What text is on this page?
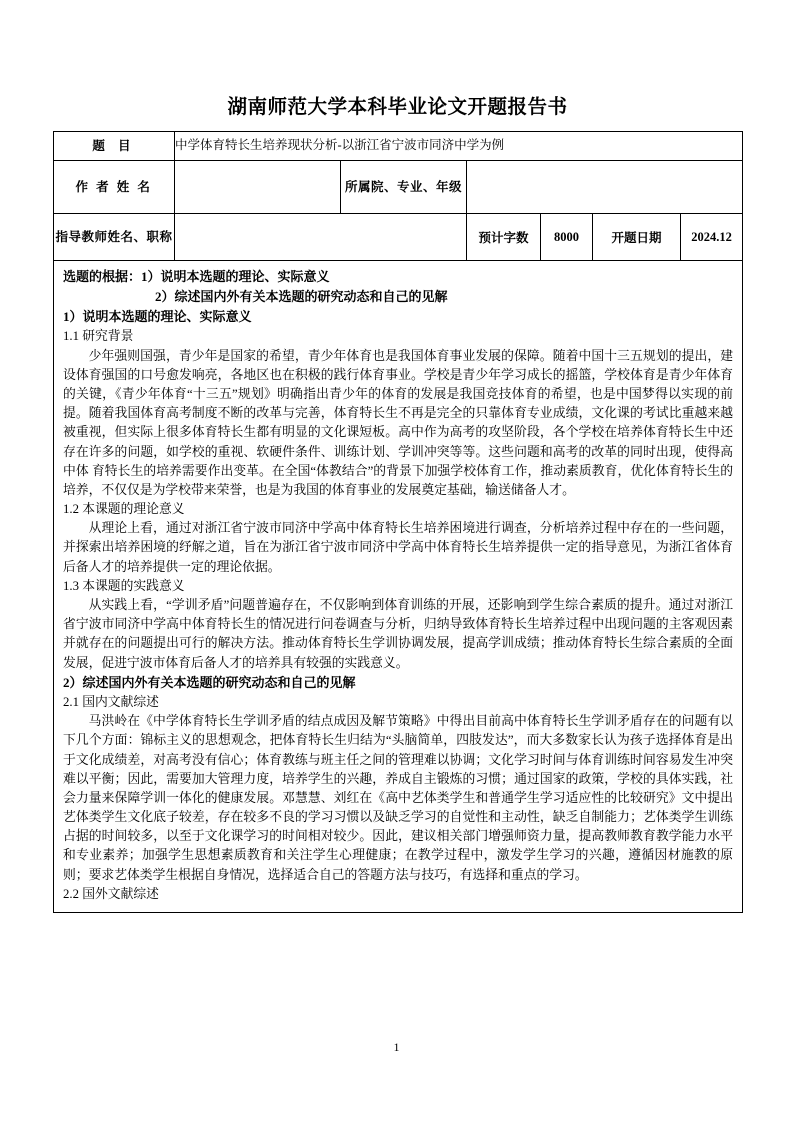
湖南师范大学本科毕业论文开题报告书
题 目	中学体育特长生培养现状分析-以浙江省宁波市同济中学为例					
作 者 姓 名		所属院、专业、年级				
指导教师姓名、职称			预计字数	8000	开题日期	2024.12

选题的根据：1）说明本选题的理论、实际意义

2）综述国内外有关本选题的研究动态和自己的见解

1）说明本选题的理论、实际意义

1.1 研究背景

少年强则国强，青少年是国家的希望，青少年体育也是我国体育事业发展的保障。随着中国十三五规划的提出，建设体育强国的口号愈发响亮，各地区也在积极的践行体育事业。学校是青少年学习成长的摇篮，学校体育是青少年体育的关键，《青少年体育“十三五”规划》明确指出青少年的体育的发展是我国竞技体育的希望，也是中国梦得以实现的前提。随着我国体育高考制度不断的改革与完善，体育特长生不再是完全的只靠体育专业成绩，文化课的考试比重越来越被重视，但实际上很多体育特长生都有明显的文化课短板。高中作为高考的攻坚阶段，各个学校在培养体育特长生中还存在许多的问题，如学校的重视、软硬件条件、训练计划、学训冲突等等。这些问题和高考的改革的同时出现，使得高中体 育特长生的培养需要作出变革。在全国“体教结合”的背景下加强学校体育工作，推动素质教育，优化体育特长生的培养，不仅仅是为学校带来荣誉，也是为我国的体育事业的发展奠定基础，输送储备人才。

1.2 本课题的理论意义

从理论上看，通过对浙江省宁波市同济中学高中体育特长生培养困境进行调查，分析培养过程中存在的一些问题，并探索出培养困境的纾解之道，旨在为浙江省宁波市同济中学高中体育特长生培养提供一定的指导意见，为浙江省体育后备人才的培养提供一定的理论依据。

1.3 本课题的实践意义

从实践上看，“学训矛盾”问题普遍存在，不仅影响到体育训练的开展，还影响到学生综合素质的提升。通过对浙江省宁波市同济中学高中体育特长生的情况进行问卷调查与分析，归纳导致体育特长生培养过程中出现问题的主客观因素并就存在的问题提出可行的解决方法。推动体育特长生学训协调发展，提高学训成绩；推动体育特长生综合素质的全面发展，促进宁波市体育后备人才的培养具有较强的实践意义。

2）综述国内外有关本选题的研究动态和自己的见解

2.1 国内文献综述

马洪岭在《中学体育特长生学训矛盾的结点成因及解节策略》中得出目前高中体育特长生学训矛盾存在的问题有以下几个方面：锦标主义的思想观念，把体育特长生归结为“头脑简单，四肢发达”，而大多数家长认为孩子选择体育是出于文化成绩差，对高考没有信心；体育教练与班主任之间的管理难以协调；文化学习时间与体育训练时间容易发生冲突难以平衡；因此，需要加大管理力度，培养学生的兴趣，养成自主锻炼的习惯；通过国家的政策，学校的具体实践，社会力量来保障学训一体化的健康发展。邓慧慧、刘红在《高中艺体类学生和普通学生学习适应性的比较研究》文中提出艺体类学生文化底子较差，存在较多不良的学习习惯以及缺乏学习的自觉性和主动性，缺乏自制能力；艺体类学生训练占据的时间较多，以至于文化课学习的时间相对较少。因此，建议相关部门增强师资力量，提高教师教育教学能力水平和专业素养；加强学生思想素质教育和关注学生心理健康；在教学过程中，激发学生学习的兴趣，遵循因材施教的原则；要求艺体类学生根据自身情况，选择适合自己的答题方法与技巧，有选择和重点的学习。

2.2 国外文献综述

1
